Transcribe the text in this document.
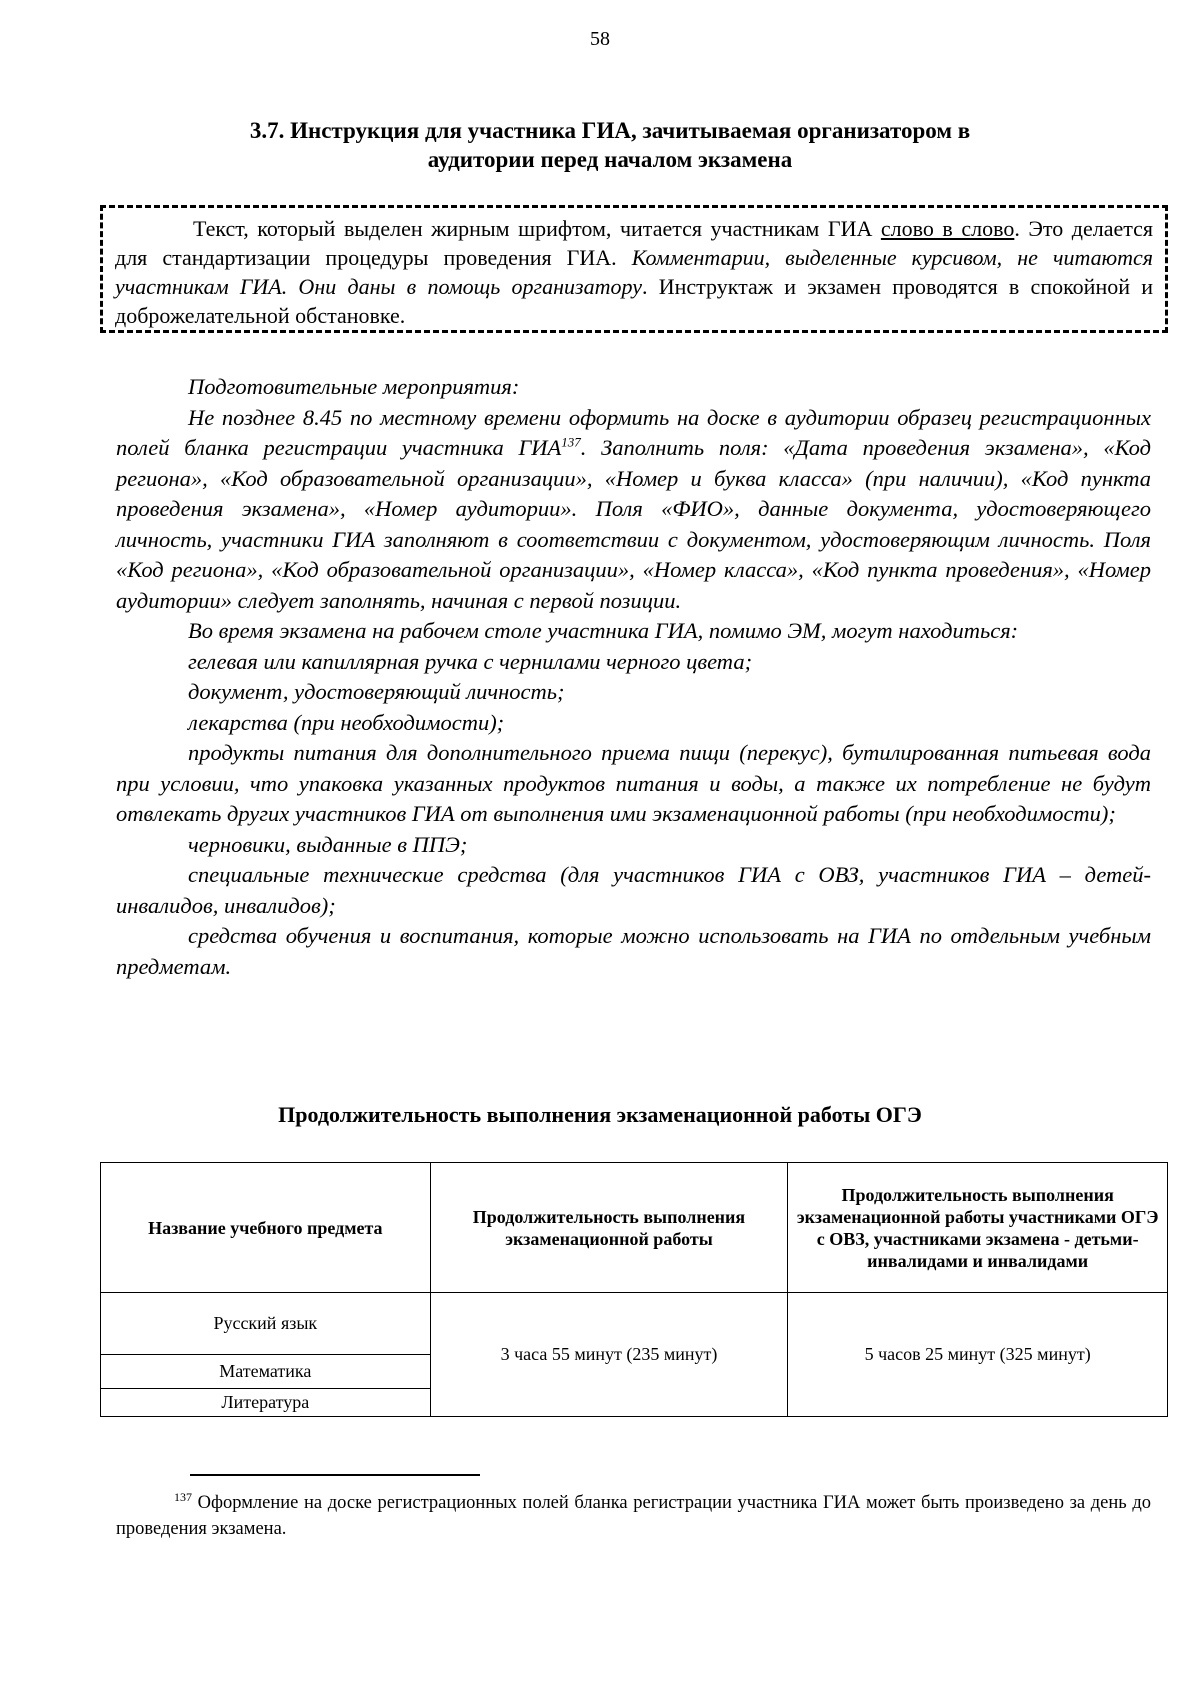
58
3.7. Инструкция для участника ГИА, зачитываемая организатором в
аудитории перед началом экзамена

Текст, который выделен жирным шрифтом, читается участникам ГИА слово в слово. Это делается для стандартизации процедуры проведения ГИА. Комментарии, выделенные курсивом, не читаются участникам ГИА. Они даны в помощь организатору. Инструктаж и экзамен проводятся в спокойной и доброжелательной обстановке.

Подготовительные мероприятия:

Не позднее 8.45 по местному времени оформить на доске в аудитории образец регистрационных полей бланка регистрации участника ГИА$^{137}$. Заполнить поля: «Дата проведения экзамена», «Код региона», «Код образовательной организации», «Номер и буква класса» (при наличии), «Код пункта проведения экзамена», «Номер аудитории». Поля «ФИО», данные документа, удостоверяющего личность, участники ГИА заполняют в соответствии с документом, удостоверяющим личность. Поля «Код региона», «Код образовательной организации», «Номер класса», «Код пункта проведения», «Номер аудитории» следует заполнять, начиная с первой позиции.

Во время экзамена на рабочем столе участника ГИА, помимо ЭМ, могут находиться:

гелевая или капиллярная ручка с чернилами черного цвета;

документ, удостоверяющий личность;

лекарства (при необходимости);

продукты питания для дополнительного приема пищи (перекус), бутилированная питьевая вода при условии, что упаковка указанных продуктов питания и воды, а также их потребление не будут отвлекать других участников ГИА от выполнения ими экзаменационной работы (при необходимости);

черновики, выданные в ППЭ;

специальные технические средства (для участников ГИА с ОВЗ, участников ГИА – детей-инвалидов, инвалидов);

средства обучения и воспитания, которые можно использовать на ГИА по отдельным учебным предметам.

Продолжительность выполнения экзаменационной работы ОГЭ
Название учебного предмета	Продолжительность выполнения экзаменационной работы	Продолжительность выполнения экзаменационной работы участниками ОГЭ с ОВЗ, участниками экзамена - детьми-инвалидами и инвалидами
Русский язык	3 часа 55 минут (235 минут)	5 часов 25 минут (325 минут)
Математика		
Литература		
$^{137}$ Оформление на доске регистрационных полей бланка регистрации участника ГИА может быть произведено за день до проведения экзамена.
